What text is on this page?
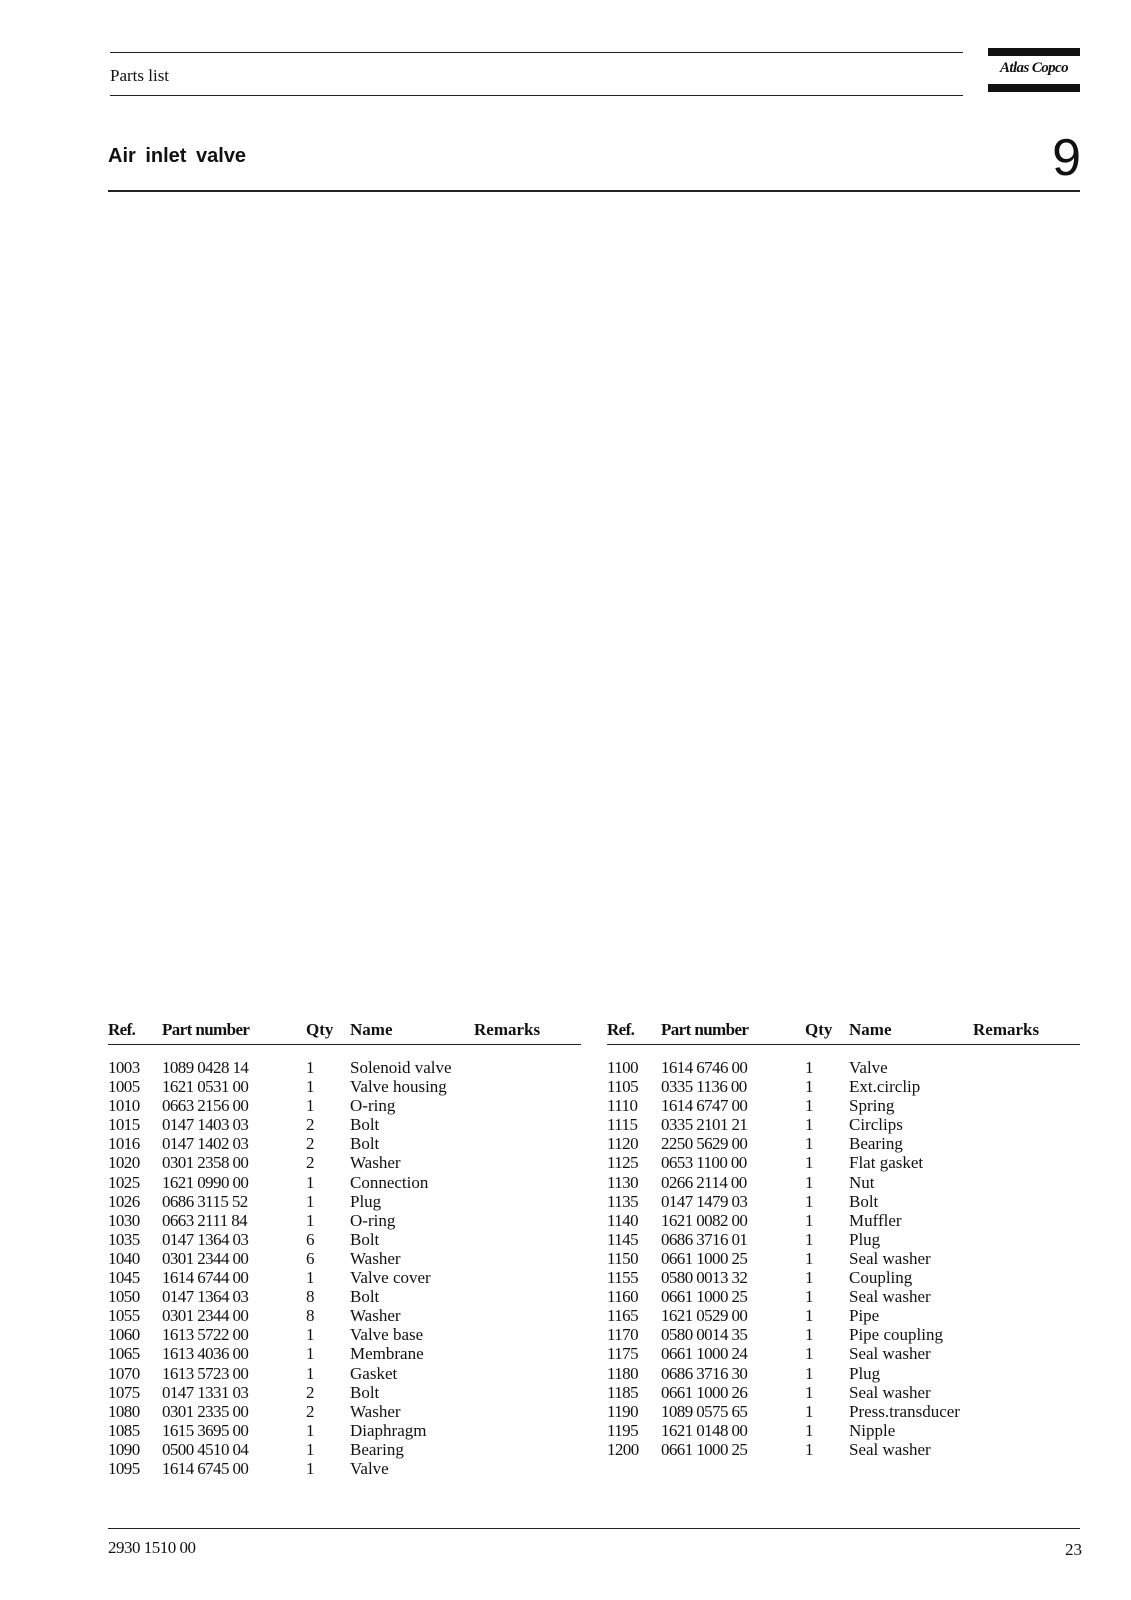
Parts list	Atlas Copco
Air inlet valve	9
Ref. Part number	Qty Name	Remarks
1003 1089 0428 14	1 Solenoid valve
1005 1621 0531 00	1 Valve housing
1010 0663 2156 00	1 O-ring
1015 0147 1403 03	2 Bolt
1016 0147 1402 03	2 Bolt
1020 0301 2358 00	2 Washer
1025 1621 0990 00	1 Connection
1026 0686 3115 52	1 Plug
1030 0663 2111 84	1 O-ring
1035 0147 1364 03	6 Bolt
1040 0301 2344 00	6 Washer
1045 1614 6744 00	1 Valve cover
1050 0147 1364 03	8 Bolt
1055 0301 2344 00	8 Washer
1060 1613 5722 00	1 Valve base
1065 1613 4036 00	1 Membrane
1070 1613 5723 00	1 Gasket
1075 0147 1331 03	2 Bolt
1080 0301 2335 00	2 Washer
1085 1615 3695 00	1 Diaphragm
1090 0500 4510 04	1 Bearing
1095 1614 6745 00	1 Valve
Ref. Part number	Qty Name	Remarks
1100 1614 6746 00	1 Valve
1105 0335 1136 00	1 Ext.circlip
1110 1614 6747 00	1 Spring
1115 0335 2101 21	1 Circlips
1120 2250 5629 00	1 Bearing
1125 0653 1100 00	1 Flat gasket
1130 0266 2114 00	1 Nut
1135 0147 1479 03	1 Bolt
1140 1621 0082 00	1 Muffler
1145 0686 3716 01	1 Plug
1150 0661 1000 25	1 Seal washer
1155 0580 0013 32	1 Coupling
1160 0661 1000 25	1 Seal washer
1165 1621 0529 00	1 Pipe
1170 0580 0014 35	1 Pipe coupling
1175 0661 1000 24	1 Seal washer
1180 0686 3716 30	1 Plug
1185 0661 1000 26	1 Seal washer
1190 1089 0575 65	1 Press.transducer
1195 1621 0148 00	1 Nipple
1200 0661 1000 25	1 Seal washer
2930 1510 00	23
